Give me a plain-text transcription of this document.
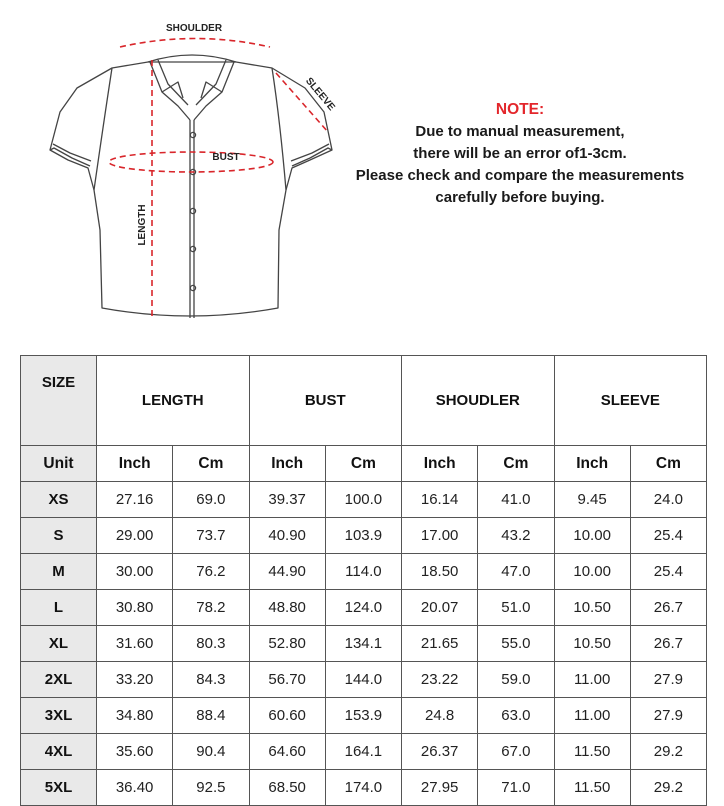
SHOULDER
SLEEVE
BUST
LENGTH
NOTE:
Due to manual measurement,
there will be an error of1-3cm.
Please check and compare the measurements
carefully before buying.
SIZE	LENGTH		BUST		SHOUDLER		SLEEVE	
Unit	Inch	Cm	Inch	Cm	Inch	Cm	Inch	Cm
XS	27.16	69.0	39.37	100.0	16.14	41.0	9.45	24.0
S	29.00	73.7	40.90	103.9	17.00	43.2	10.00	25.4
M	30.00	76.2	44.90	114.0	18.50	47.0	10.00	25.4
L	30.80	78.2	48.80	124.0	20.07	51.0	10.50	26.7
XL	31.60	80.3	52.80	134.1	21.65	55.0	10.50	26.7
2XL	33.20	84.3	56.70	144.0	23.22	59.0	11.00	27.9
3XL	34.80	88.4	60.60	153.9	24.8	63.0	11.00	27.9
4XL	35.60	90.4	64.60	164.1	26.37	67.0	11.50	29.2
5XL	36.40	92.5	68.50	174.0	27.95	71.0	11.50	29.2
